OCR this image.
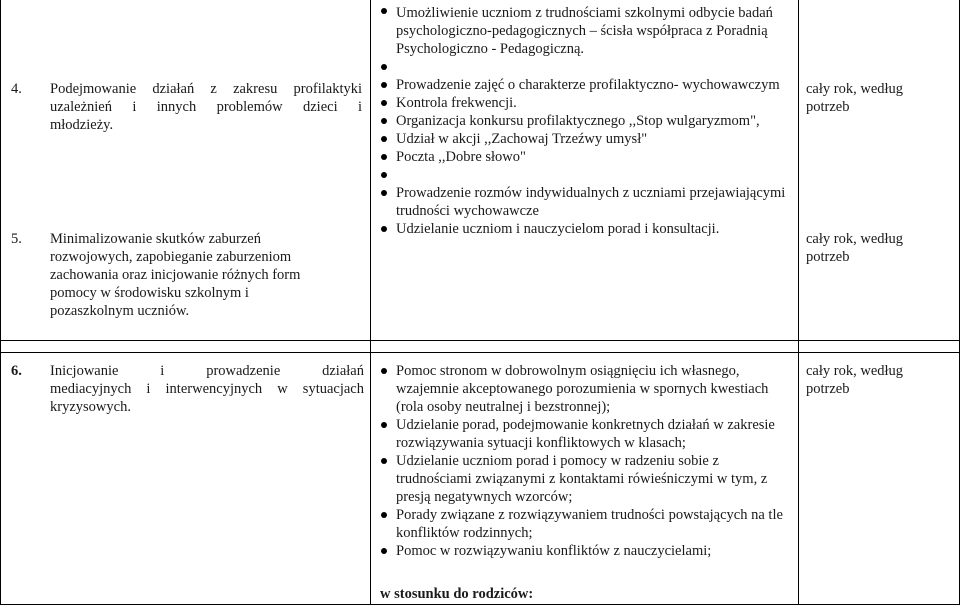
4. Podejmowanie działań z zakresu profilaktyki
uzależnień i innych problemów dzieci i
młodzieży.
5. Minimalizowanie skutków zaburzeń
rozwojowych, zapobieganie zaburzeniom
zachowania oraz inicjowanie różnych form
pomocy w środowisku szkolnym i
pozaszkolnym uczniów.
6. Inicjowanie i prowadzenie działań
mediacyjnych i interwencyjnych w sytuacjach
kryzysowych.
Umożliwienie uczniom z trudnościami szkolnymi odbycie badań psychologiczno-pedagogicznych – ścisła współpraca z Poradnią Psychologiczno - Pedagogiczną.

Prowadzenie zajęć o charakterze profilaktyczno- wychowawczym
Kontrola frekwencji.
Organizacja konkursu profilaktycznego ,,Stop wulgaryzmom",
Udział w akcji ,,Zachowaj Trzeźwy umysł"
Poczta ,,Dobre słowo"

Prowadzenie rozmów indywidualnych z uczniami przejawiającymi trudności wychowawcze
Udzielanie uczniom i nauczycielom porad i konsultacji.
Pomoc stronom w dobrowolnym osiągnięciu ich własnego, wzajemnie akceptowanego porozumienia w spornych kwestiach (rola osoby neutralnej i bezstronnej);
Udzielanie porad, podejmowanie konkretnych działań w zakresie rozwiązywania sytuacji konfliktowych w klasach;
Udzielanie uczniom porad i pomocy w radzeniu sobie z trudnościami związanymi z kontaktami rówieśniczymi w tym, z presją negatywnych wzorców;
Porady związane z rozwiązywaniem trudności powstających na tle konfliktów rodzinnych;
Pomoc w rozwiązywaniu konfliktów z nauczycielami;
w stosunku do rodziców:
cały rok, według
potrzeb
cały rok, według
potrzeb
cały rok, według
potrzeb
